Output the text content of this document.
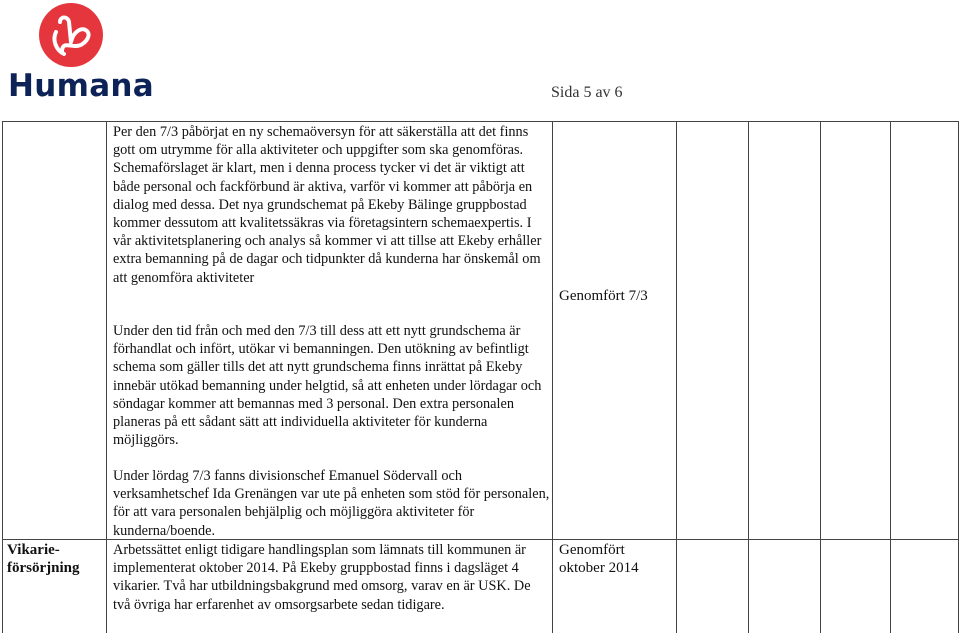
Humana	Sida 5 av 6
Per den 7/3 påbörjat en ny schemaöversyn för att säkerställa att det finns gott om utrymme för alla aktiviteter och uppgifter som ska genomföras. Schemaförslaget är klart, men i denna process tycker vi det är viktigt att både personal och fackförbund är aktiva, varför vi kommer att påbörja en dialog med dessa. Det nya grundschemat på Ekeby Bälinge gruppbostad kommer dessutom att kvalitetssäkras via företagsintern schemaexpertis. I vår aktivitetsplanering och analys så kommer vi att tillse att Ekeby erhåller extra bemanning på de dagar och tidpunkter då kunderna har önskemål om att genomföra aktiviteter
Genomfört 7/3
Under den tid från och med den 7/3 till dess att ett nytt grundschema är förhandlat och infört, utökar vi bemanningen. Den utökning av befintligt schema som gäller tills det att nytt grundschema finns inrättat på Ekeby innebär utökad bemanning under helgtid, så att enheten under lördagar och söndagar kommer att bemannas med 3 personal. Den extra personalen planeras på ett sådant sätt att individuella aktiviteter för kunderna möjliggörs.
Under lördag 7/3 fanns divisionschef Emanuel Södervall och verksamhetschef Ida Grenängen var ute på enheten som stöd för personalen, för att vara personalen behjälplig och möjliggöra aktiviteter för kunderna/boende.
Vikarie-försörjning
Arbetssättet enligt tidigare handlingsplan som lämnats till kommunen är implementerat oktober 2014. På Ekeby gruppbostad finns i dagsläget 4 vikarier. Två har utbildningsbakgrund med omsorg, varav en är USK. De två övriga har erfarenhet av omsorgsarbete sedan tidigare.
Genomfört oktober 2014
